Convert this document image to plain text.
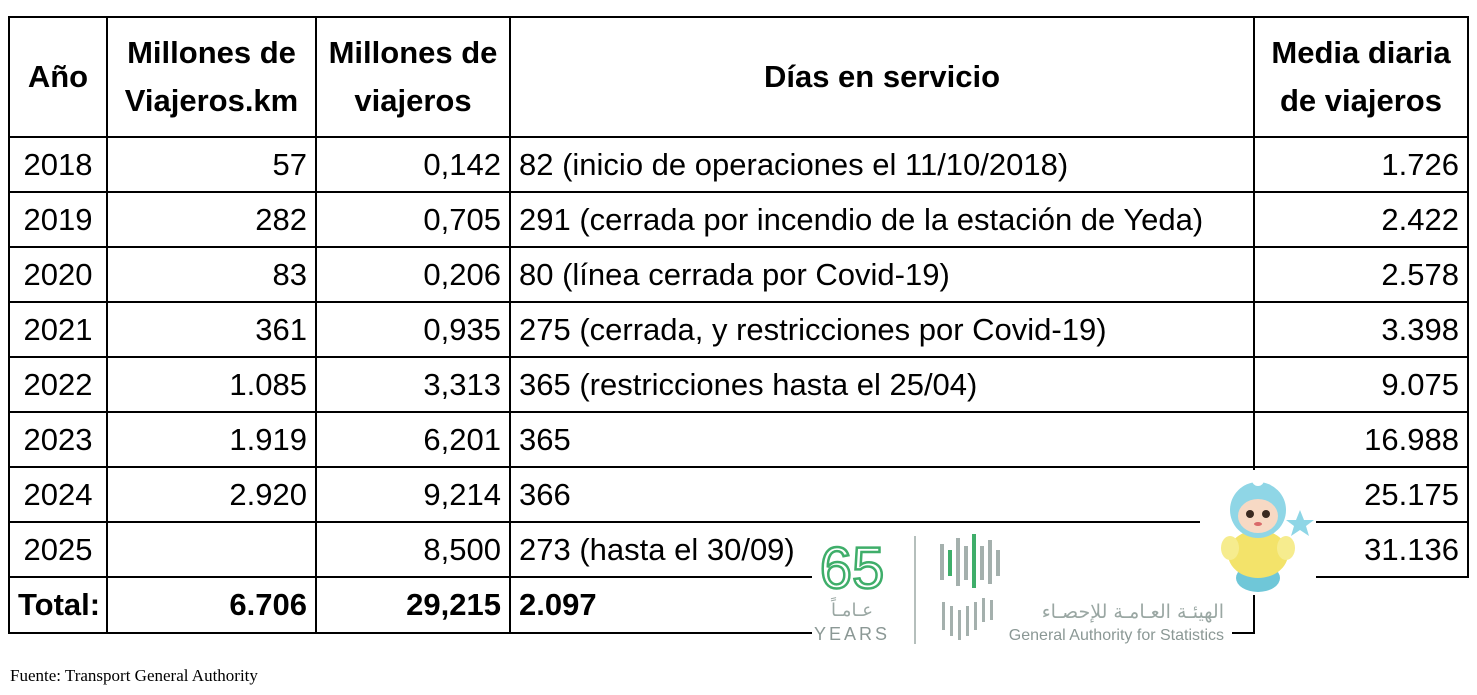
Año	Millones de Viajeros.km	Millones de viajeros	Días en servicio	Media diaria de viajeros
2018	57	0,142	82 (inicio de operaciones el 11/10/2018)	1.726
2019	282	0,705	291 (cerrada por incendio de la estación de Yeda)	2.422
2020	83	0,206	80 (línea cerrada por Covid-19)	2.578
2021	361	0,935	275 (cerrada, y restricciones por Covid-19)	3.398
2022	1.085	3,313	365 (restricciones hasta el 25/04)	9.075
2023	1.919	6,201	365	16.988
2024	2.920	9,214	366	25.175
2025		8,500	273 (hasta el 30/09)	31.136
Total:	6.706	29,215	2.097	
Fuente: Transport General Authority
65
عـامـاً
YEARS
الهيئـة العـامـة للإحصـاء
General Authority for Statistics
